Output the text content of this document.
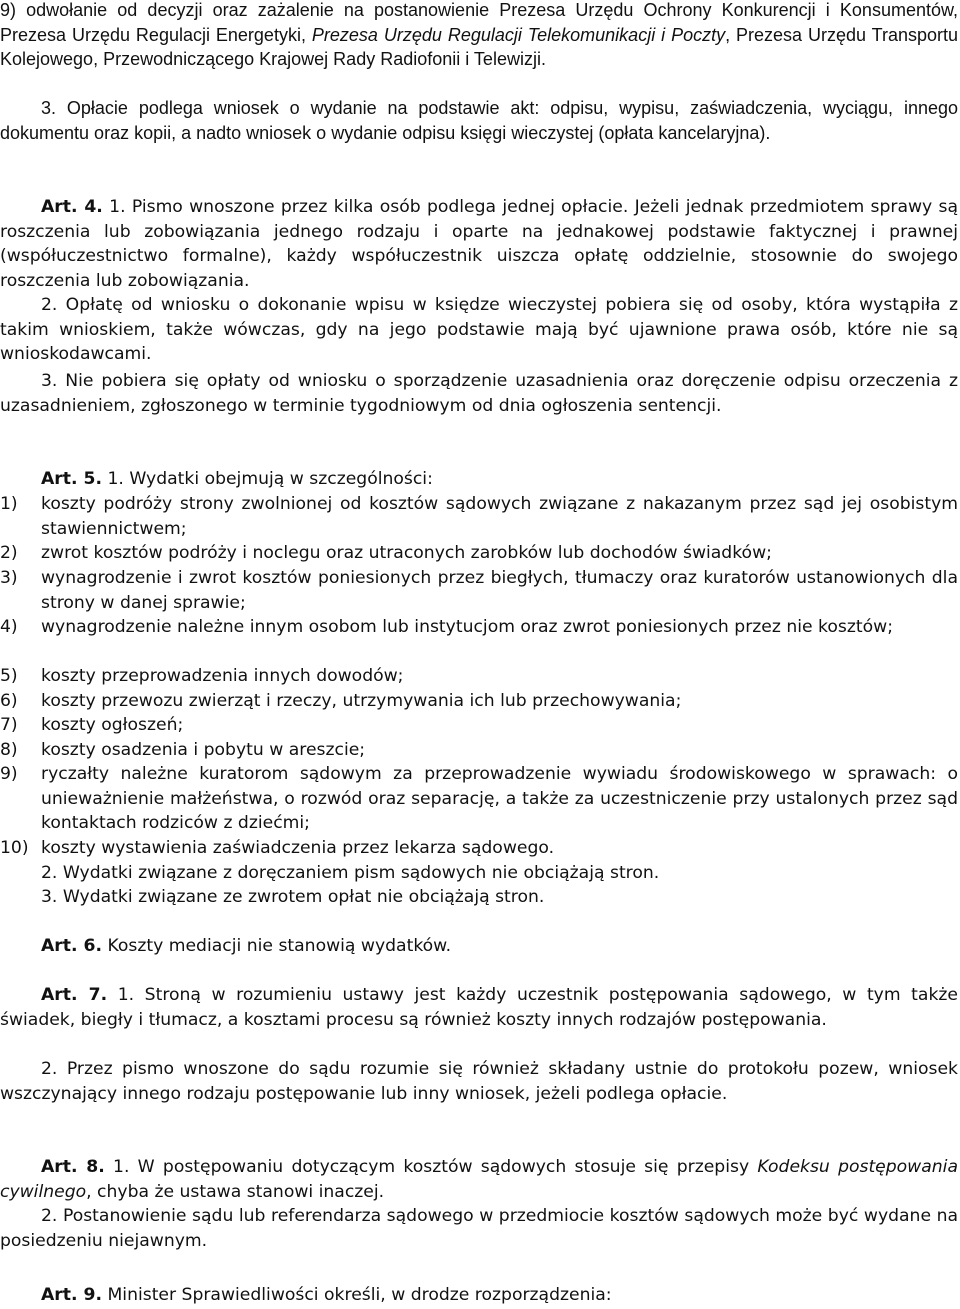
9) odwołanie od decyzji oraz zażalenie na postanowienie Prezesa Urzędu Ochrony Konkurencji i Konsumentów, Prezesa Urzędu Regulacji Energetyki, Prezesa Urzędu Regulacji Telekomunikacji i Poczty, Prezesa Urzędu Transportu Kolejowego, Przewodniczącego Krajowej Rady Radiofonii i Telewizji.

3. Opłacie podlega wniosek o wydanie na podstawie akt: odpisu, wypisu, zaświadczenia, wyciągu, innego dokumentu oraz kopii, a nadto wniosek o wydanie odpisu księgi wieczystej (opłata kancelaryjna).

Art. 4. 1. Pismo wnoszone przez kilka osób podlega jednej opłacie. Jeżeli jednak przedmiotem sprawy są roszczenia lub zobowiązania jednego rodzaju i oparte na jednakowej podstawie faktycznej i prawnej (współuczestnictwo formalne), każdy współuczestnik uiszcza opłatę oddzielnie, stosownie do swojego roszczenia lub zobowiązania.

2. Opłatę od wniosku o dokonanie wpisu w księdze wieczystej pobiera się od osoby, która wystąpiła z takim wnioskiem, także wówczas, gdy na jego podstawie mają być ujawnione prawa osób, które nie są wnioskodawcami.

3. Nie pobiera się opłaty od wniosku o sporządzenie uzasadnienia oraz doręczenie odpisu orzeczenia z uzasadnieniem, zgłoszonego w terminie tygodniowym od dnia ogłoszenia sentencji.

Art. 5. 1. Wydatki obejmują w szczególności:

1) koszty podróży strony zwolnionej od kosztów sądowych związane z nakazanym przez sąd jej osobistym stawiennictwem;
2) zwrot kosztów podróży i noclegu oraz utraconych zarobków lub dochodów świadków;
3) wynagrodzenie i zwrot kosztów poniesionych przez biegłych, tłumaczy oraz kuratorów ustanowionych dla strony w danej sprawie;
4) wynagrodzenie należne innym osobom lub instytucjom oraz zwrot poniesionych przez nie kosztów;
5) koszty przeprowadzenia innych dowodów;
6) koszty przewozu zwierząt i rzeczy, utrzymywania ich lub przechowywania;
7) koszty ogłoszeń;
8) koszty osadzenia i pobytu w areszcie;
9) ryczałty należne kuratorom sądowym za przeprowadzenie wywiadu środowiskowego w sprawach: o unieważnienie małżeństwa, o rozwód oraz separację, a także za uczestniczenie przy ustalonych przez sąd kontaktach rodziców z dziećmi;
10) koszty wystawienia zaświadczenia przez lekarza sądowego.

2. Wydatki związane z doręczaniem pism sądowych nie obciążają stron.

3. Wydatki związane ze zwrotem opłat nie obciążają stron.

Art. 6. Koszty mediacji nie stanowią wydatków.

Art. 7. 1. Stroną w rozumieniu ustawy jest każdy uczestnik postępowania sądowego, w tym także świadek, biegły i tłumacz, a kosztami procesu są również koszty innych rodzajów postępowania.

2. Przez pismo wnoszone do sądu rozumie się również składany ustnie do protokołu pozew, wniosek wszczynający innego rodzaju postępowanie lub inny wniosek, jeżeli podlega opłacie.

Art. 8. 1. W postępowaniu dotyczącym kosztów sądowych stosuje się przepisy Kodeksu postępowania cywilnego, chyba że ustawa stanowi inaczej.

2. Postanowienie sądu lub referendarza sądowego w przedmiocie kosztów sądowych może być wydane na posiedzeniu niejawnym.

Art. 9. Minister Sprawiedliwości określi, w drodze rozporządzenia:
